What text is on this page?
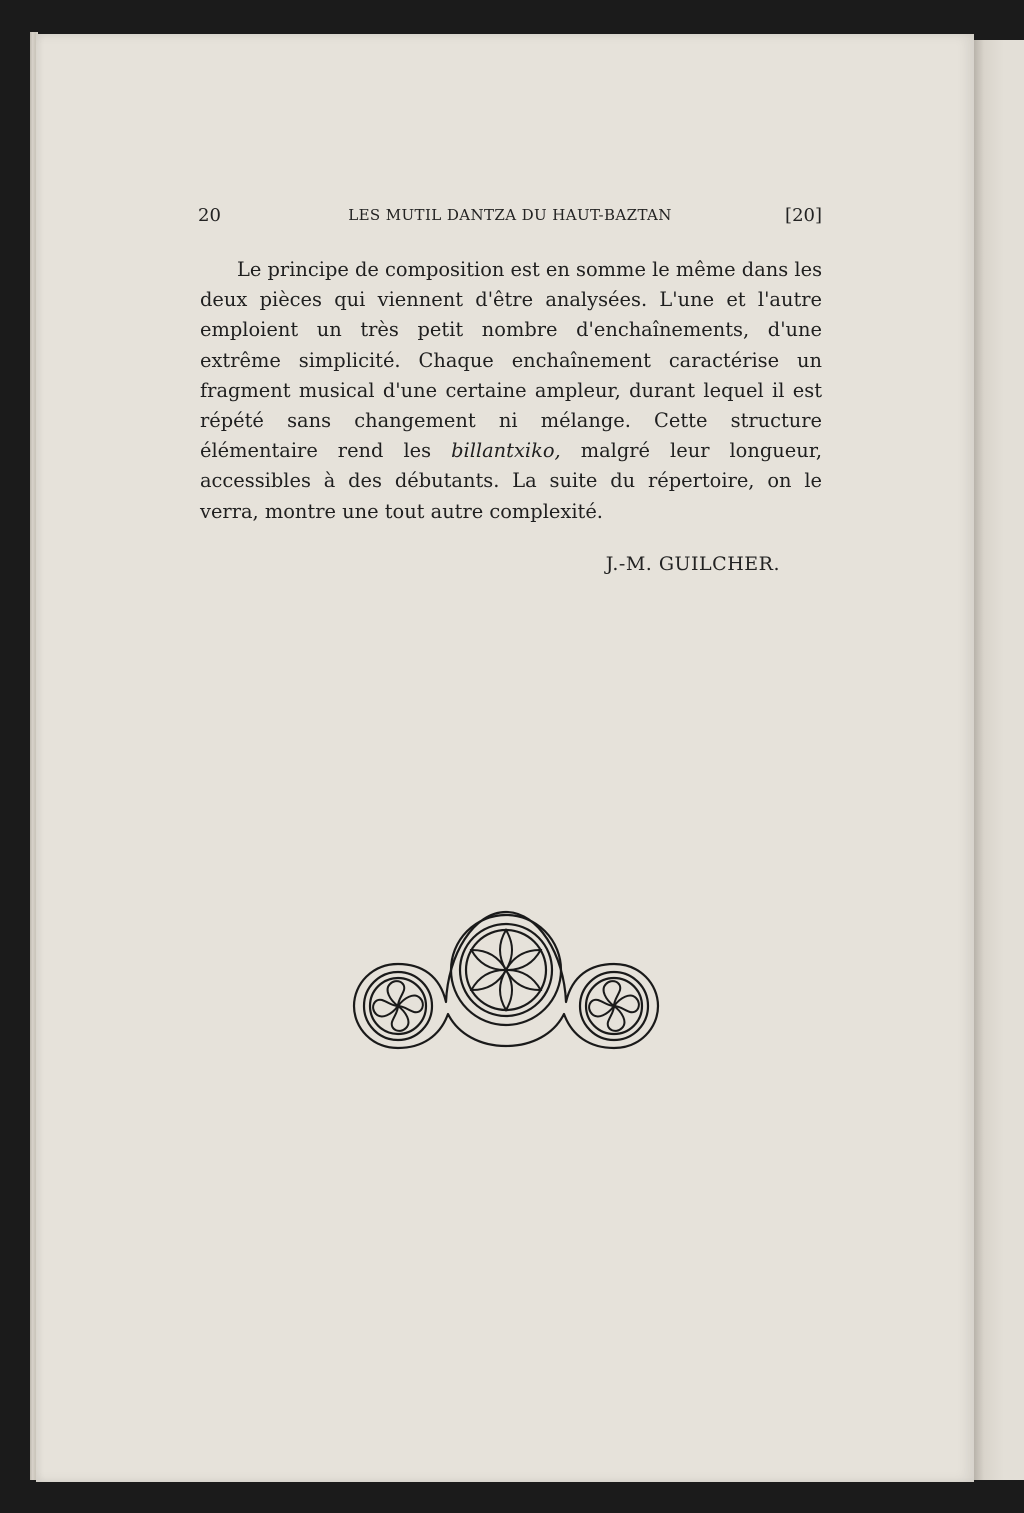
20	LES MUTIL DANTZA DU HAUT-BAZTAN	[20]

Le principe de composition est en somme le même dans les deux pièces qui viennent d'être analysées. L'une et l'autre emploient un très petit nombre d'enchaînements, d'une extrême simplicité. Chaque enchaînement caractérise un fragment musical d'une certaine ampleur, durant lequel il est répété sans changement ni mélange. Cette structure élémentaire rend les billantxiko, malgré leur longueur, accessibles à des débutants. La suite du répertoire, on le verra, montre une tout autre complexité.

J.-M. GUILCHER.
